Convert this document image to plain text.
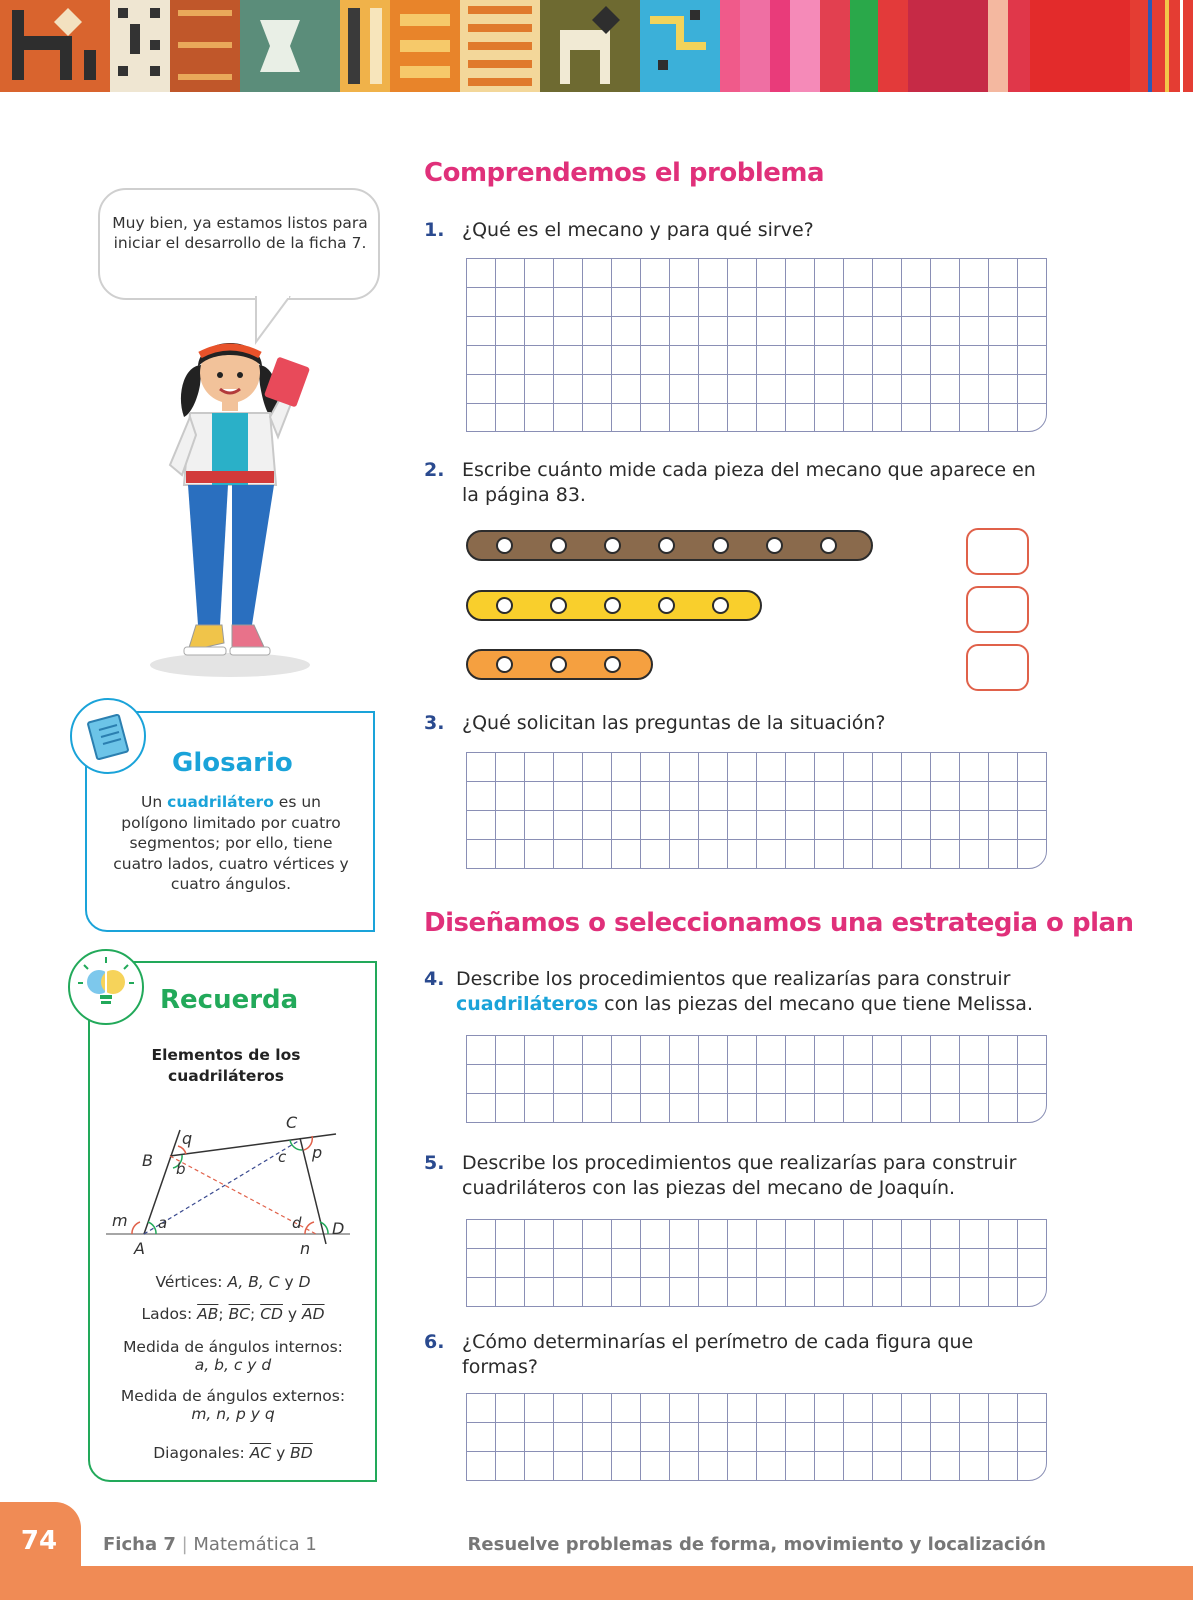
Muy bien, ya estamos listos para iniciar el desarrollo de la ficha 7.
Comprendemos el problema
1. ¿Qué es el mecano y para qué sirve?
2. Escribe cuánto mide cada pieza del mecano que aparece en la página 83.
3. ¿Qué solicitan las preguntas de la situación?
Diseñamos o seleccionamos una estrategia o plan
4. Describe los procedimientos que realizarías para construir cuadriláteros con las piezas del mecano que tiene Melissa.
5. Describe los procedimientos que realizarías para construir cuadriláteros con las piezas del mecano de Joaquín.
6. ¿Cómo determinarías el perímetro de cada figura que formas?
Glosario
Un cuadrilátero es un polígono limitado por cuatro segmentos; por ello, tiene cuatro lados, cuatro vértices y cuatro ángulos.
Recuerda
Elementos de los cuadriláteros
A
B
C
D
a
b
c
d
m
n
p
q
Vértices: A, B, C y D
Lados: $\overline{AB}$; $\overline{BC}$; $\overline{CD}$ y $\overline{AD}$
Medida de ángulos internos:
a, b, c y d
Medida de ángulos externos:
m, n, p y q
Diagonales: $\overline{AC}$ y $\overline{BD}$
74	Ficha 7 | Matemática 1	Resuelve problemas de forma, movimiento y localización
